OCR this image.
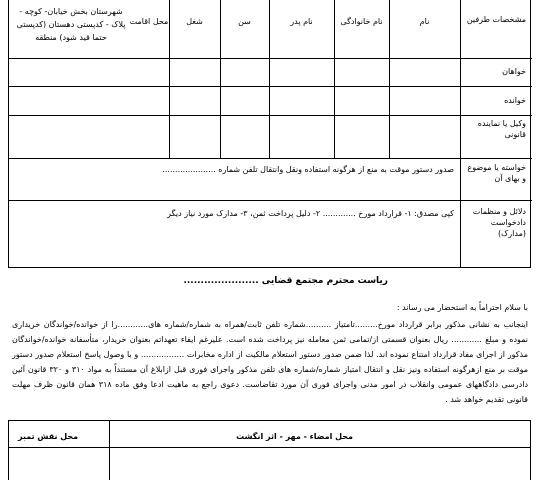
مشخصات طرفین
نام
نام خانوادگی
نام پدر
سن
شغل
محل اقامت
شهرستان بخش خیابان- کوچه - پلاک - کدپستی دهستان (کدپستی حتما قید شود) منطقه
خواهان
خوانده
وکیل یا نماینده قانونی
خواسته یا موضوع و بهای آن
دلائل و منظمات دادخواست (مدارک)
صدور دستور موقت به منع از هرگونه استفاده ونقل وانتقال تلفن شماره .....................
کپی مصدق: ۱- قرارداد مورخ ............. ۲- دلیل پرداخت ثمن، ۳- مدارک مورد نیاز دیگر
ریاست محترم مجتمع قضایی ......................
با سلام احتراماً به استحضار می رساند :
اینجانب به نشانی مذکور برابر قرارداد مورخ.........تامتیاز ..........شماره تلفن ثابت/همراه به شماره/شماره های............را از خوانده/خواندگان خریداری نموده و مبلغ ............ ریال بعنوان قسمتی از/تمامی ثمن معامله نیز پرداخت شده است. علیرغم ایفاء تعهداتم بعنوان خریدار، متأسفانه خوانده/خواندگان مذکور از اجرای مفاد قرارداد امتناع نموده اند. لذا ضمن صدور دستور استعلام مالکیت از اداره مخابرات ................. و با وصول پاسخ استعلام صدور دستور موقت بر منع ازهرگونه استفاده ونیز نقل و انتقال امتیاز شماره/شماره های تلفن مذکور واجرای فوری قبل ازابلاغ آن مستنداً به مواد ۳۱۰ و ۳۲۰ قانون آئین دادرسی دادگاههای عمومی وانقلاب در امور مدنی واجرای فوری آن مورد تقاضاست. دعوی راجع به ماهیت ادعا وفق ماده ۳۱۸ همان قانون ظرف مهلت قانونی تقدیم خواهد شد .
محل امضاء - مهر - اثر انگشت
محل نقش تمبر
